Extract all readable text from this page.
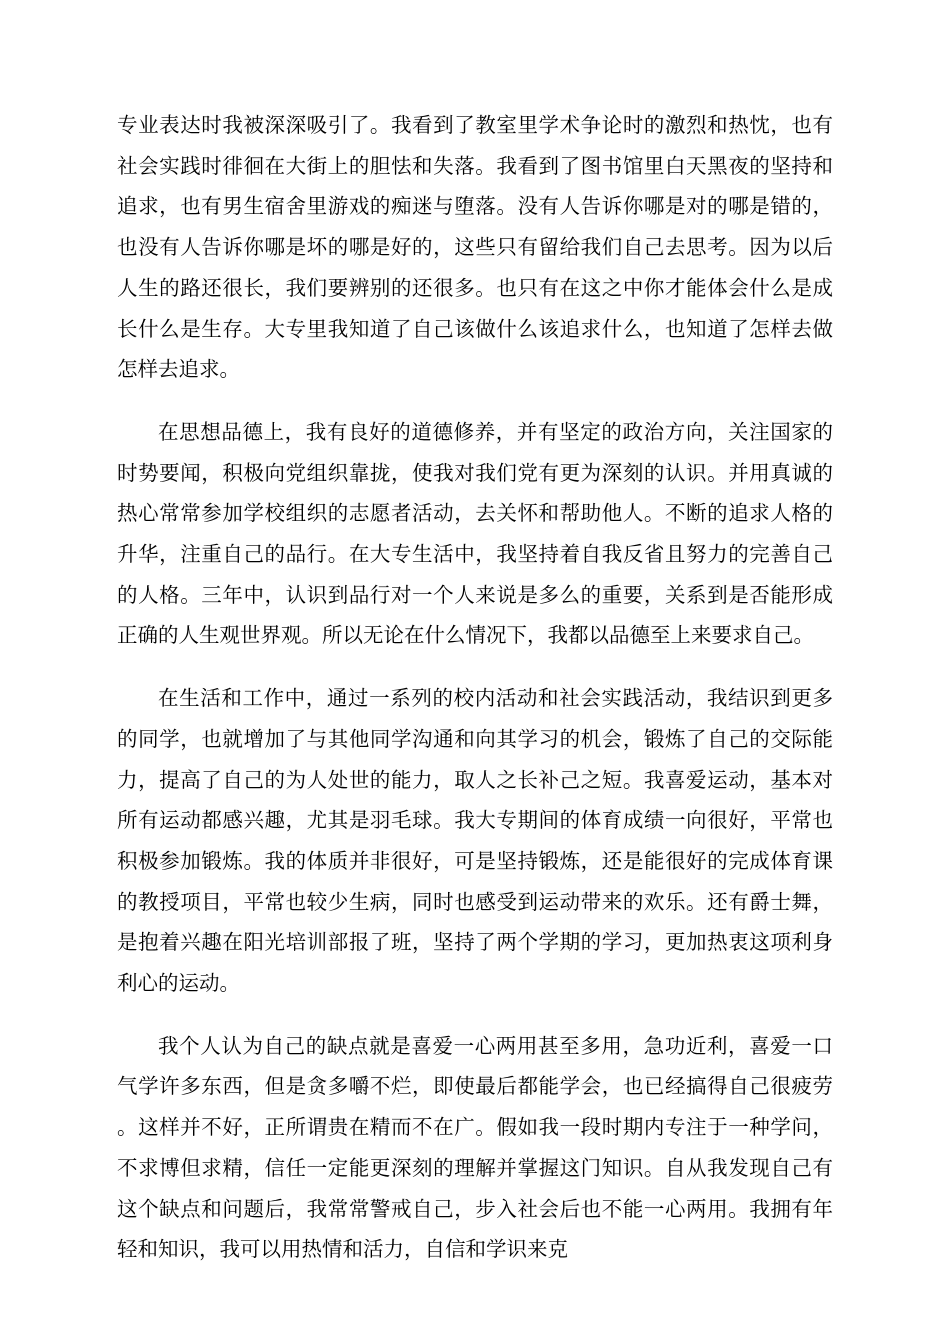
专业表达时我被深深吸引了。我看到了教室里学术争论时的激烈和热忱，也有社会实践时徘徊在大街上的胆怯和失落。我看到了图书馆里白天黑夜的坚持和追求，也有男生宿舍里游戏的痴迷与堕落。没有人告诉你哪是对的哪是错的，也没有人告诉你哪是坏的哪是好的，这些只有留给我们自己去思考。因为以后人生的路还很长，我们要辨别的还很多。也只有在这之中你才能体会什么是成长什么是生存。大专里我知道了自己该做什么该追求什么，也知道了怎样去做怎样去追求。

在思想品德上，我有良好的道德修养，并有坚定的政治方向，关注国家的时势要闻，积极向党组织靠拢，使我对我们党有更为深刻的认识。并用真诚的热心常常参加学校组织的志愿者活动，去关怀和帮助他人。不断的追求人格的升华，注重自己的品行。在大专生活中，我坚持着自我反省且努力的完善自己的人格。三年中，认识到品行对一个人来说是多么的重要，关系到是否能形成正确的人生观世界观。所以无论在什么情况下，我都以品德至上来要求自己。

在生活和工作中，通过一系列的校内活动和社会实践活动，我结识到更多的同学，也就增加了与其他同学沟通和向其学习的机会，锻炼了自己的交际能力，提高了自己的为人处世的能力，取人之长补己之短。我喜爱运动，基本对所有运动都感兴趣，尤其是羽毛球。我大专期间的体育成绩一向很好，平常也积极参加锻炼。我的体质并非很好，可是坚持锻炼，还是能很好的完成体育课的教授项目，平常也较少生病，同时也感受到运动带来的欢乐。还有爵士舞，是抱着兴趣在阳光培训部报了班，坚持了两个学期的学习，更加热衷这项利身利心的运动。

我个人认为自己的缺点就是喜爱一心两用甚至多用，急功近利，喜爱一口气学许多东西，但是贪多嚼不烂，即使最后都能学会，也已经搞得自己很疲劳。这样并不好，正所谓贵在精而不在广。假如我一段时期内专注于一种学问，不求博但求精，信任一定能更深刻的理解并掌握这门知识。自从我发现自己有这个缺点和问题后，我常常警戒自己，步入社会后也不能一心两用。我拥有年轻和知识，我可以用热情和活力，自信和学识来克
